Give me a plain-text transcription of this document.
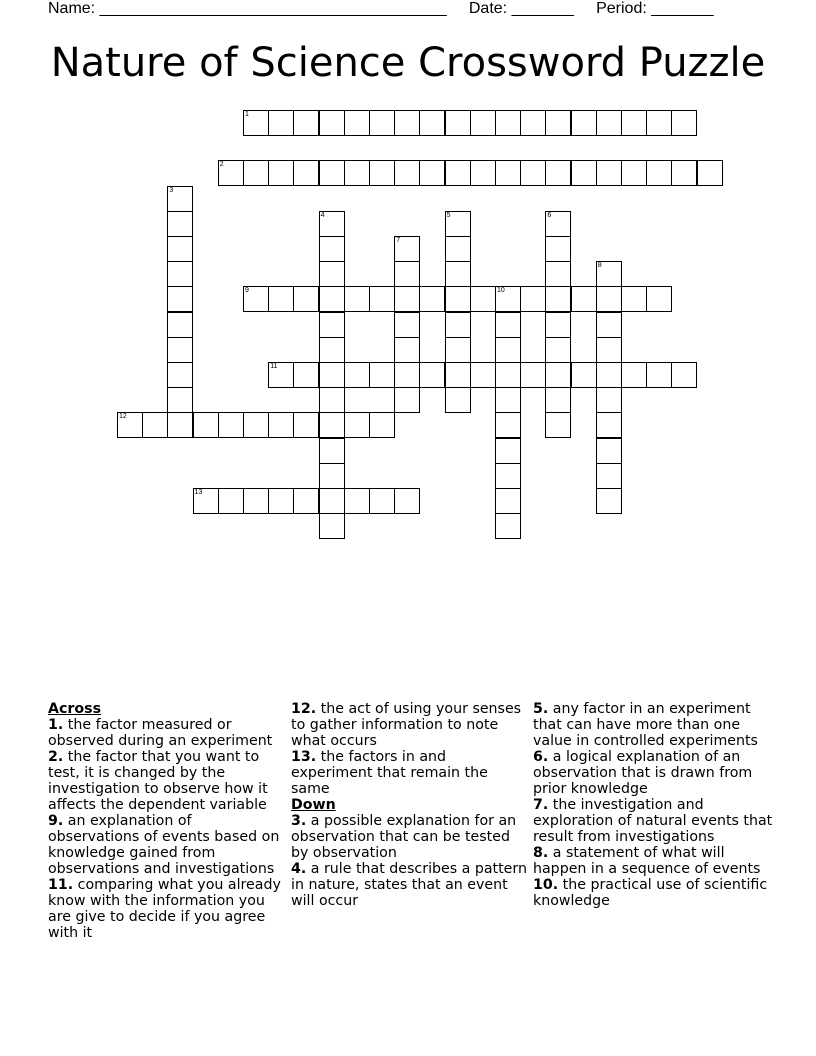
Name: _______________________________________ Date: _______ Period: _______
Nature of Science Crossword Puzzle
1
2
9	10
11
12
13
3
4	5	6
7
8
Across
1. the factor measured or observed during an experiment
2. the factor that you want to test, it is changed by the investigation to observe how it affects the dependent variable
9. an explanation of observations of events based on knowledge gained from observations and investigations
11. comparing what you already know with the information you are give to decide if you agree with it
12. the act of using your senses to gather information to note what occurs
13. the factors in and experiment that remain the same
Down
3. a possible explanation for an observation that can be tested by observation
4. a rule that describes a pattern in nature, states that an event will occur
5. any factor in an experiment that can have more than one value in controlled experiments
6. a logical explanation of an observation that is drawn from prior knowledge
7. the investigation and exploration of natural events that result from investigations
8. a statement of what will happen in a sequence of events
10. the practical use of scientific knowledge
